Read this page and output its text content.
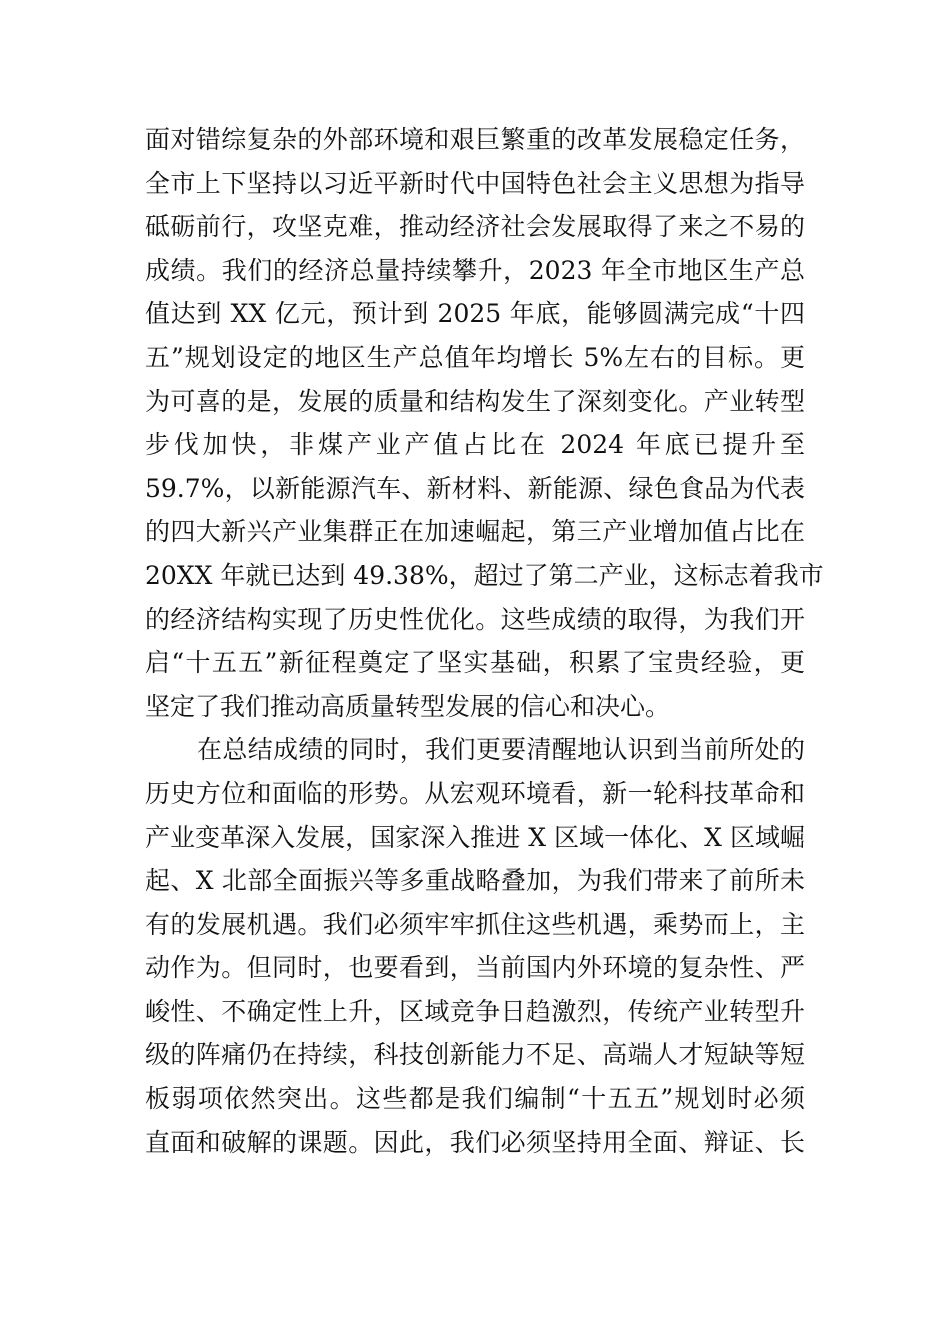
面对错综复杂的外部环境和艰巨繁重的改革发展稳定任务，
全市上下坚持以习近平新时代中国特色社会主义思想为指导
砥砺前行，攻坚克难，推动经济社会发展取得了来之不易的
成绩。我们的经济总量持续攀升，2023 年全市地区生产总
值达到 XX 亿元，预计到 2025 年底，能够圆满完成“十四
五”规划设定的地区生产总值年均增长 5%左右的目标。更
为可喜的是，发展的质量和结构发生了深刻变化。产业转型
步伐加快，非煤产业产值占比在 2024 年底已提升至
59.7%，以新能源汽车、新材料、新能源、绿色食品为代表
的四大新兴产业集群正在加速崛起，第三产业增加值占比在
20XX 年就已达到 49.38%，超过了第二产业，这标志着我市
的经济结构实现了历史性优化。这些成绩的取得，为我们开
启“十五五”新征程奠定了坚实基础，积累了宝贵经验，更
坚定了我们推动高质量转型发展的信心和决心。
在总结成绩的同时，我们更要清醒地认识到当前所处的
历史方位和面临的形势。从宏观环境看，新一轮科技革命和
产业变革深入发展，国家深入推进 X 区域一体化、X 区域崛
起、X 北部全面振兴等多重战略叠加，为我们带来了前所未
有的发展机遇。我们必须牢牢抓住这些机遇，乘势而上，主
动作为。但同时，也要看到，当前国内外环境的复杂性、严
峻性、不确定性上升，区域竞争日趋激烈，传统产业转型升
级的阵痛仍在持续，科技创新能力不足、高端人才短缺等短
板弱项依然突出。这些都是我们编制“十五五”规划时必须
直面和破解的课题。因此，我们必须坚持用全面、辩证、长
